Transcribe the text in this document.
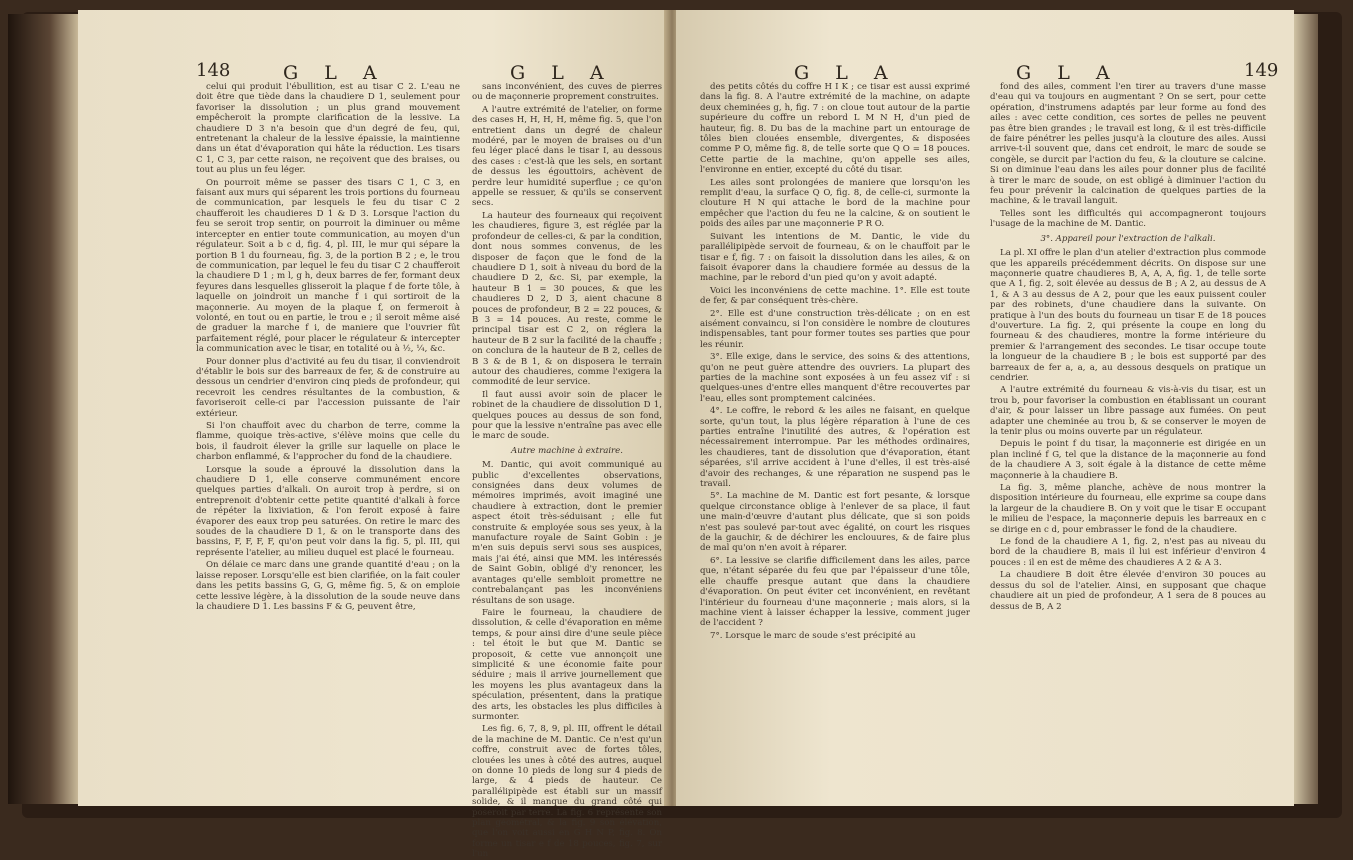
148	G L A	G L A

celui qui produit l'ébullition, est au tisar C 2. L'eau ne doit être que tiède dans la chaudiere D 1, seulement pour favoriser la dissolution ; un plus grand mouvement empêcheroit la prompte clarification de la lessive. La chaudiere D 3 n'a besoin que d'un degré de feu, qui, entretenant la chaleur de la lessive épaissie, la maintienne dans un état d'évaporation qui hâte la réduction. Les tisars C 1, C 3, par cette raison, ne reçoivent que des braises, ou tout au plus un feu léger.

On pourroit même se passer des tisars C 1, C 3, en faisant aux murs qui séparent les trois portions du fourneau de communication, par lesquels le feu du tisar C 2 chaufferoit les chaudieres D 1 & D 3. Lorsque l'action du feu se seroit trop sentir, on pourroit la diminuer ou même intercepter en entier toute communication, au moyen d'un régulateur. Soit a b c d, fig. 4, pl. III, le mur qui sépare la portion B 1 du fourneau, fig. 3, de la portion B 2 ; e, le trou de communication, par lequel le feu du tisar C 2 chaufferoit la chaudiere D 1 ; m l, g h, deux barres de fer, formant deux feyures dans lesquelles glisseroit la plaque f de forte tôle, à laquelle on joindroit un manche f i qui sortiroit de la maçonnerie. Au moyen de la plaque f, on fermeroit à volonté, en tout ou en partie, le trou e ; il seroit même aisé de graduer la marche f i, de maniere que l'ouvrier fût parfaitement réglé, pour placer le régulateur & intercepter la communication avec le tisar, en totalité ou à ½, ¼, &c.

Pour donner plus d'activité au feu du tisar, il conviendroit d'établir le bois sur des barreaux de fer, & de construire au dessous un cendrier d'environ cinq pieds de profondeur, qui recevroit les cendres résultantes de la combustion, & favoriseroit celle-ci par l'accession puissante de l'air extérieur.

Si l'on chauffoit avec du charbon de terre, comme la flamme, quoique très-active, s'élève moins que celle du bois, il faudroit élever la grille sur laquelle on place le charbon enflammé, & l'approcher du fond de la chaudiere.

Lorsque la soude a éprouvé la dissolution dans la chaudiere D 1, elle conserve communément encore quelques parties d'alkali. On auroit trop à perdre, si on entreprenoit d'obtenir cette petite quantité d'alkali à force de répéter la lixiviation, & l'on feroit exposé à faire évaporer des eaux trop peu saturées. On retire le marc des soudes de la chaudiere D 1, & on le transporte dans des bassins, F, F, F, F, qu'on peut voir dans la fig. 5, pl. III, qui représente l'atelier, au milieu duquel est placé le fourneau.

On délaie ce marc dans une grande quantité d'eau ; on la laisse reposer. Lorsqu'elle est bien clarifiée, on la fait couler dans les petits bassins G, G, G, même fig. 5, & on emploie cette lessive légère, à la dissolution de la soude neuve dans la chaudiere D 1. Les bassins F & G, peuvent être,

sans inconvénient, des cuves de pierres ou de maçonnerie proprement construites.

A l'autre extrémité de l'atelier, on forme des cases H, H, H, H, même fig. 5, que l'on entretient dans un degré de chaleur modéré, par le moyen de braises ou d'un feu léger placé dans le tisar I, au dessous des cases : c'est-là que les sels, en sortant de dessus les égouttoirs, achèvent de perdre leur humidité superflue ; ce qu'on appelle se ressuer, & qu'ils se conservent secs.

La hauteur des fourneaux qui reçoivent les chaudieres, figure 3, est réglée par la profondeur de celles-ci, & par la condition, dont nous sommes convenus, de les disposer de façon que le fond de la chaudiere D 1, soit à niveau du bord de la chaudiere D 2, &c. Si, par exemple, la hauteur B 1 = 30 pouces, & que les chaudieres D 2, D 3, aient chacune 8 pouces de profondeur, B 2 = 22 pouces, & B 3 = 14 pouces. Au reste, comme le principal tisar est C 2, on réglera la hauteur de B 2 sur la facilité de la chauffe ; on conclura de la hauteur de B 2, celles de B 3 & de B 1, & on disposera le terrain autour des chaudieres, comme l'exigera la commodité de leur service.

Il faut aussi avoir soin de placer le robinet de la chaudiere de dissolution D 1, quelques pouces au dessus de son fond, pour que la lessive n'entraîne pas avec elle le marc de soude.

Autre machine à extraire.

M. Dantic, qui avoit communiqué au public d'excellentes observations, consignées dans deux volumes de mémoires imprimés, avoit imaginé une chaudiere à extraction, dont le premier aspect étoit très-séduisant ; elle fut construite & employée sous ses yeux, à la manufacture royale de Saint Gobin : je m'en suis depuis servi sous ses auspices, mais j'ai été, ainsi que MM. les intéressés de Saint Gobin, obligé d'y renoncer, les avantages qu'elle sembloit promettre ne contrebalançant pas les inconvéniens résultans de son usage.

Faire le fourneau, la chaudiere de dissolution, & celle d'évaporation en même temps, & pour ainsi dire d'une seule pièce : tel étoit le but que M. Dantic se proposoit, & cette vue annonçoit une simplicité & une économie faite pour séduire ; mais il arrive journellement que les moyens les plus avantageux dans la spéculation, présentent, dans la pratique des arts, les obstacles les plus difficiles à surmonter.

Les fig. 6, 7, 8, 9, pl. III, offrent le détail de la machine de M. Dantic. Ce n'est qu'un coffre, construit avec de fortes tôles, clouées les unes à côté des autres, auquel on donne 10 pieds de long sur 4 pieds de large, & 4 pieds de hauteur. Ce parallélipipède est établi sur un massif solide, & il manque du grand côté qui poseroit par terre. La fig. 6 représente son plan géométral, & la fig. 9 son élévation, que l'on voit aussi en G H N P, fig. 8. On forme un tisar e f de 18 pouces, fig. 7, sur l'un

G L A	G L A	149

des petits côtés du coffre H I K ; ce tisar est aussi exprimé dans la fig. 8. A l'autre extrémité de la machine, on adapte deux cheminées g, h, fig. 7 : on cloue tout autour de la partie supérieure du coffre un rebord L M N H, d'un pied de hauteur, fig. 8. Du bas de la machine part un entourage de tôles bien clouées ensemble, divergentes, & disposées comme P O, même fig. 8, de telle sorte que Q O = 18 pouces. Cette partie de la machine, qu'on appelle ses ailes, l'environne en entier, excepté du côté du tisar.

Les ailes sont prolongées de maniere que lorsqu'on les remplit d'eau, la surface Q O, fig. 8, de celle-ci, surmonte la clouture H N qui attache le bord de la machine pour empêcher que l'action du feu ne la calcine, & on soutient le poids des ailes par une maçonnerie P R O.

Suivant les intentions de M. Dantic, le vide du parallélipipède servoit de fourneau, & on le chauffoit par le tisar e f, fig. 7 : on faisoit la dissolution dans les ailes, & on faisoit évaporer dans la chaudiere formée au dessus de la machine, par le rebord d'un pied qu'on y avoit adapté.

Voici les inconvéniens de cette machine. 1°. Elle est toute de fer, & par conséquent très-chère.

2°. Elle est d'une construction très-délicate ; on en est aisément convaincu, si l'on considère le nombre de cloutures indispensables, tant pour former toutes ses parties que pour les réunir.

3°. Elle exige, dans le service, des soins & des attentions, qu'on ne peut guère attendre des ouvriers. La plupart des parties de la machine sont exposées à un feu assez vif : si quelques-unes d'entre elles manquent d'être recouvertes par l'eau, elles sont promptement calcinées.

4°. Le coffre, le rebord & les ailes ne faisant, en quelque sorte, qu'un tout, la plus légère réparation à l'une de ces parties entraîne l'inutilité des autres, & l'opération est nécessairement interrompue. Par les méthodes ordinaires, les chaudieres, tant de dissolution que d'évaporation, étant séparées, s'il arrive accident à l'une d'elles, il est très-aisé d'avoir des rechanges, & une réparation ne suspend pas le travail.

5°. La machine de M. Dantic est fort pesante, & lorsque quelque circonstance oblige à l'enlever de sa place, il faut une main-d'œuvre d'autant plus délicate, que si son poids n'est pas soulevé par-tout avec égalité, on court les risques de la gauchir, & de déchirer les enclouures, & de faire plus de mal qu'on n'en avoit à réparer.

6°. La lessive se clarifie difficilement dans les ailes, parce que, n'étant séparée du feu que par l'épaisseur d'une tôle, elle chauffe presque autant que dans la chaudiere d'évaporation. On peut éviter cet inconvénient, en revêtant l'intérieur du fourneau d'une maçonnerie ; mais alors, si la machine vient à laisser échapper la lessive, comment juger de l'accident ?

7°. Lorsque le marc de soude s'est précipité au

fond des ailes, comment l'en tirer au travers d'une masse d'eau qui va toujours en augmentant ? On se sert, pour cette opération, d'instrumens adaptés par leur forme au fond des ailes : avec cette condition, ces sortes de pelles ne peuvent pas être bien grandes ; le travail est long, & il est très-difficile de faire pénétrer les pelles jusqu'à la clouture des ailes. Aussi arrive-t-il souvent que, dans cet endroit, le marc de soude se congèle, se durcit par l'action du feu, & la clouture se calcine. Si on diminue l'eau dans les ailes pour donner plus de facilité à tirer le marc de soude, on est obligé à diminuer l'action du feu pour prévenir la calcination de quelques parties de la machine, & le travail languit.

Telles sont les difficultés qui accompagneront toujours l'usage de la machine de M. Dantic.

3°. Appareil pour l'extraction de l'alkali.

La pl. XI offre le plan d'un atelier d'extraction plus commode que les appareils précédemment décrits. On dispose sur une maçonnerie quatre chaudieres B, A, A, A, fig. 1, de telle sorte que A 1, fig. 2, soit élevée au dessus de B ; A 2, au dessus de A 1, & A 3 au dessus de A 2, pour que les eaux puissent couler par des robinets, d'une chaudiere dans la suivante. On pratique à l'un des bouts du fourneau un tisar E de 18 pouces d'ouverture. La fig. 2, qui présente la coupe en long du fourneau & des chaudieres, montre la forme intérieure du premier & l'arrangement des secondes. Le tisar occupe toute la longueur de la chaudiere B ; le bois est supporté par des barreaux de fer a, a, a, au dessous desquels on pratique un cendrier.

A l'autre extrémité du fourneau & vis-à-vis du tisar, est un trou b, pour favoriser la combustion en établissant un courant d'air, & pour laisser un libre passage aux fumées. On peut adapter une cheminée au trou b, & se conserver le moyen de la tenir plus ou moins ouverte par un régulateur.

Depuis le point f du tisar, la maçonnerie est dirigée en un plan incliné f G, tel que la distance de la maçonnerie au fond de la chaudiere A 3, soit égale à la distance de cette même maçonnerie à la chaudiere B.

La fig. 3, même planche, achève de nous montrer la disposition intérieure du fourneau, elle exprime sa coupe dans la largeur de la chaudiere B. On y voit que le tisar E occupant le milieu de l'espace, la maçonnerie depuis les barreaux en c se dirige en c d, pour embrasser le fond de la chaudiere.

Le fond de la chaudiere A 1, fig. 2, n'est pas au niveau du bord de la chaudiere B, mais il lui est inférieur d'environ 4 pouces : il en est de même des chaudieres A 2 & A 3.

La chaudiere B doit être élevée d'environ 30 pouces au dessus du sol de l'atelier. Ainsi, en supposant que chaque chaudiere ait un pied de profondeur, A 1 sera de 8 pouces au dessus de B, A 2
